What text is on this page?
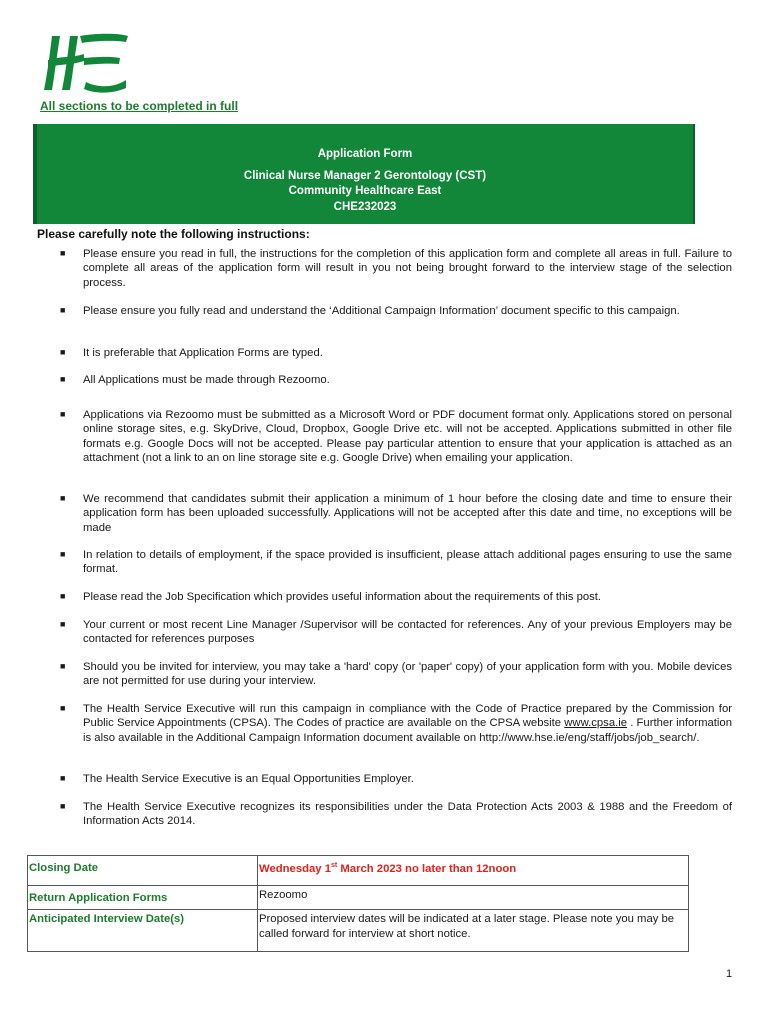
All sections to be completed in full
Application Form
Clinical Nurse Manager 2 Gerontology (CST)
Community Healthcare East
CHE232023
Please carefully note the following instructions:
■ Please ensure you read in full, the instructions for the completion of this application form and complete all areas in full. Failure to complete all areas of the application form will result in you not being brought forward to the interview stage of the selection process.
■ Please ensure you fully read and understand the ‘Additional Campaign Information’ document specific to this campaign.
■ It is preferable that Application Forms are typed.
■ All Applications must be made through Rezoomo.
■ Applications via Rezoomo must be submitted as a Microsoft Word or PDF document format only. Applications stored on personal online storage sites, e.g. SkyDrive, Cloud, Dropbox, Google Drive etc. will not be accepted. Applications submitted in other file formats e.g. Google Docs will not be accepted. Please pay particular attention to ensure that your application is attached as an attachment (not a link to an on line storage site e.g. Google Drive) when emailing your application.
■ We recommend that candidates submit their application a minimum of 1 hour before the closing date and time to ensure their application form has been uploaded successfully. Applications will not be accepted after this date and time, no exceptions will be made
■ In relation to details of employment, if the space provided is insufficient, please attach additional pages ensuring to use the same format.
■ Please read the Job Specification which provides useful information about the requirements of this post.
■ Your current or most recent Line Manager /Supervisor will be contacted for references. Any of your previous Employers may be contacted for references purposes
■ Should you be invited for interview, you may take a 'hard' copy (or 'paper' copy) of your application form with you. Mobile devices are not permitted for use during your interview.
■ The Health Service Executive will run this campaign in compliance with the Code of Practice prepared by the Commission for Public Service Appointments (CPSA). The Codes of practice are available on the CPSA website www.cpsa.ie . Further information is also available in the Additional Campaign Information document available on http://www.hse.ie/eng/staff/jobs/job_search/.
■ The Health Service Executive is an Equal Opportunities Employer.
■ The Health Service Executive recognizes its responsibilities under the Data Protection Acts 2003 & 1988 and the Freedom of Information Acts 2014.
Closing Date	Wednesday 1st March 2023 no later than 12noon

Return Application Forms	Rezoomo

Anticipated Interview Date(s)	Proposed interview dates will be indicated at a later stage. Please note you may be called forward for interview at short notice.
1
